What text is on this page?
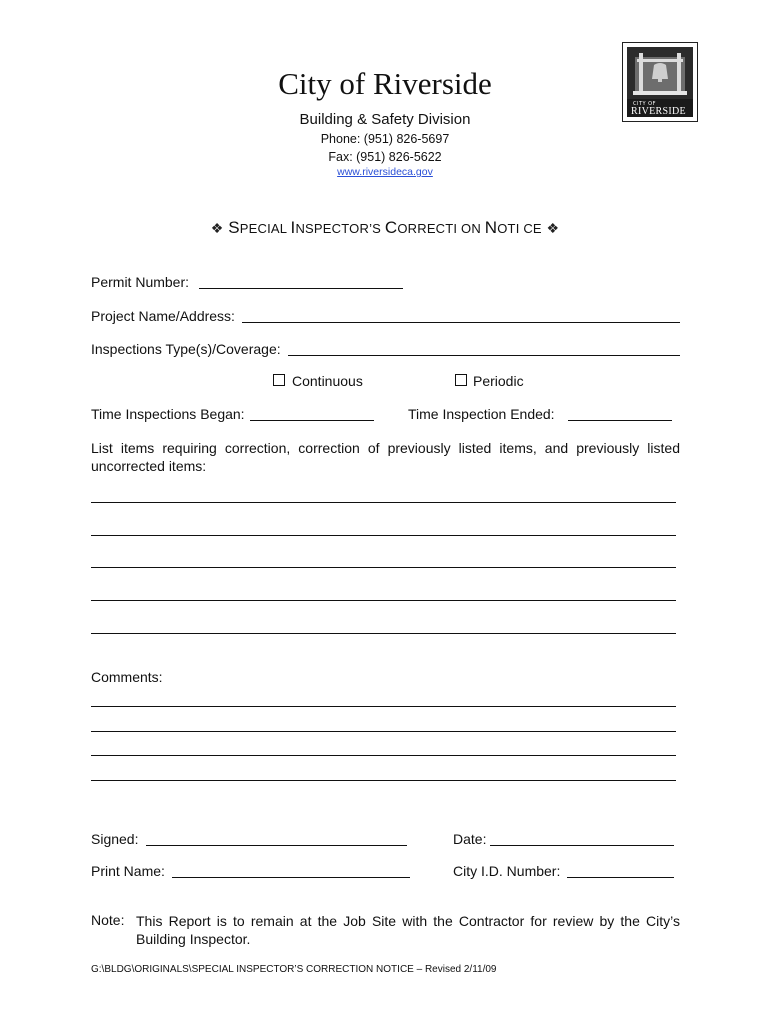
City of Riverside
Building & Safety Division
Phone: (951) 826-5697
Fax: (951) 826-5622
www.riversideca.gov
CITY OF
RIVERSIDE
❖ SPECIAL INSPECTOR’S CORRECTI ON NOTI CE ❖
Permit Number:
Project Name/Address:
Inspections Type(s)/Coverage:
Continuous	Periodic
Time Inspections Began:	Time Inspection Ended:
List items requiring correction, correction of previously listed items, and previously listed uncorrected items:
Comments:
Signed:	Date:
Print Name:	City I.D. Number:
Note: This Report is to remain at the Job Site with the Contractor for review by the City’s Building Inspector.
G:\BLDG\ORIGINALS\SPECIAL INSPECTOR’S CORRECTION NOTICE – Revised 2/11/09
